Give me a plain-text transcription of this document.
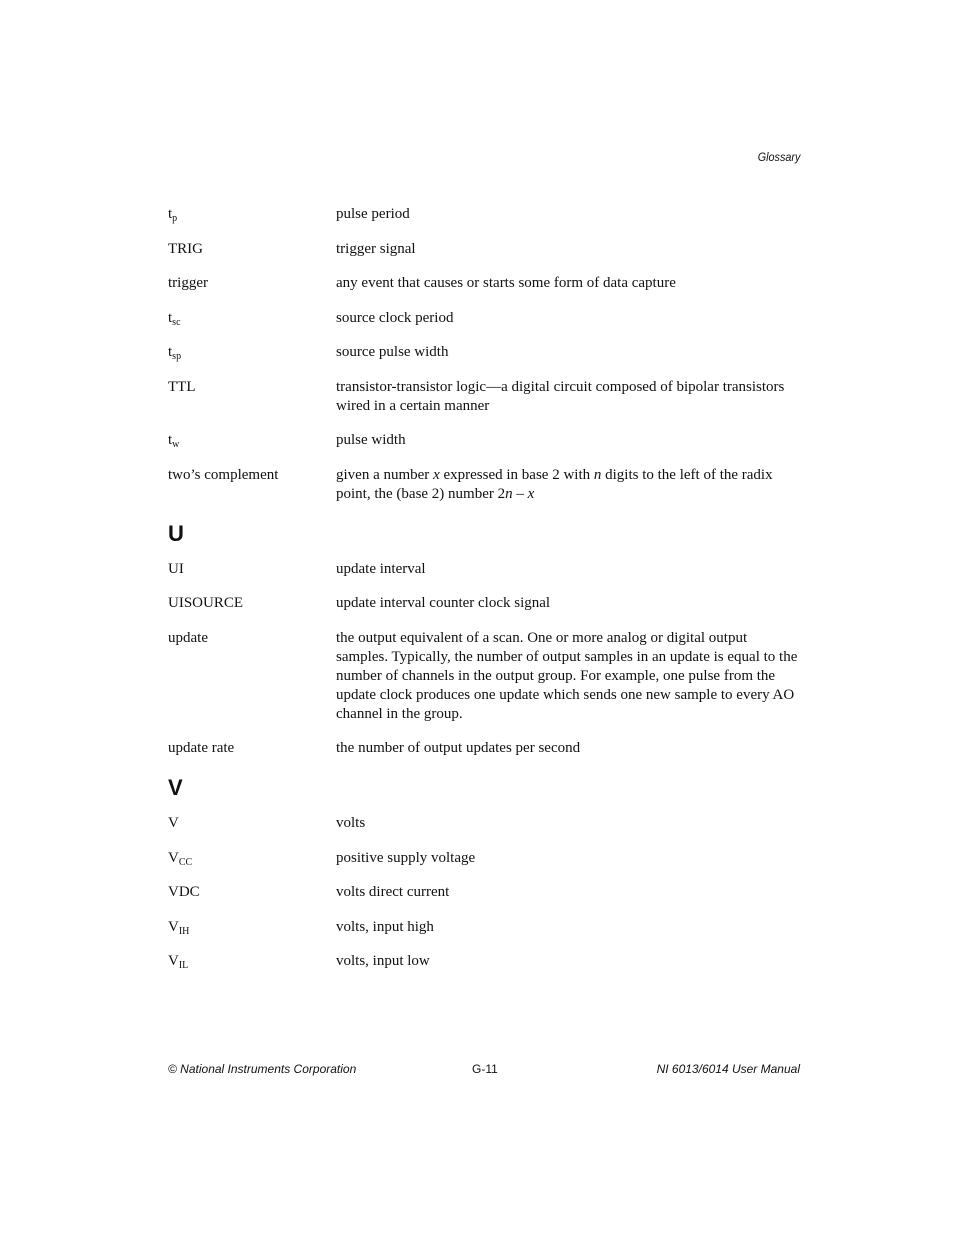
Glossary
$t_p$	pulse period
TRIG	trigger signal
trigger	any event that causes or starts some form of data capture
$t_{sc}$	source clock period
$t_{sp}$	source pulse width
TTL	transistor-transistor logic—a digital circuit composed of bipolar transistors wired in a certain manner
$t_w$	pulse width
two’s complement	given a number x expressed in base 2 with n digits to the left of the radix point, the (base 2) number 2n – x
U
UI	update interval
UISOURCE	update interval counter clock signal
update	the output equivalent of a scan. One or more analog or digital output samples. Typically, the number of output samples in an update is equal to the number of channels in the output group. For example, one pulse from the update clock produces one update which sends one new sample to every AO channel in the group.
update rate	the number of output updates per second
V
V	volts
$V_{CC}$	positive supply voltage
VDC	volts direct current
$V_{IH}$	volts, input high
$V_{IL}$	volts, input low
© National Instruments Corporation	G-11	NI 6013/6014 User Manual
